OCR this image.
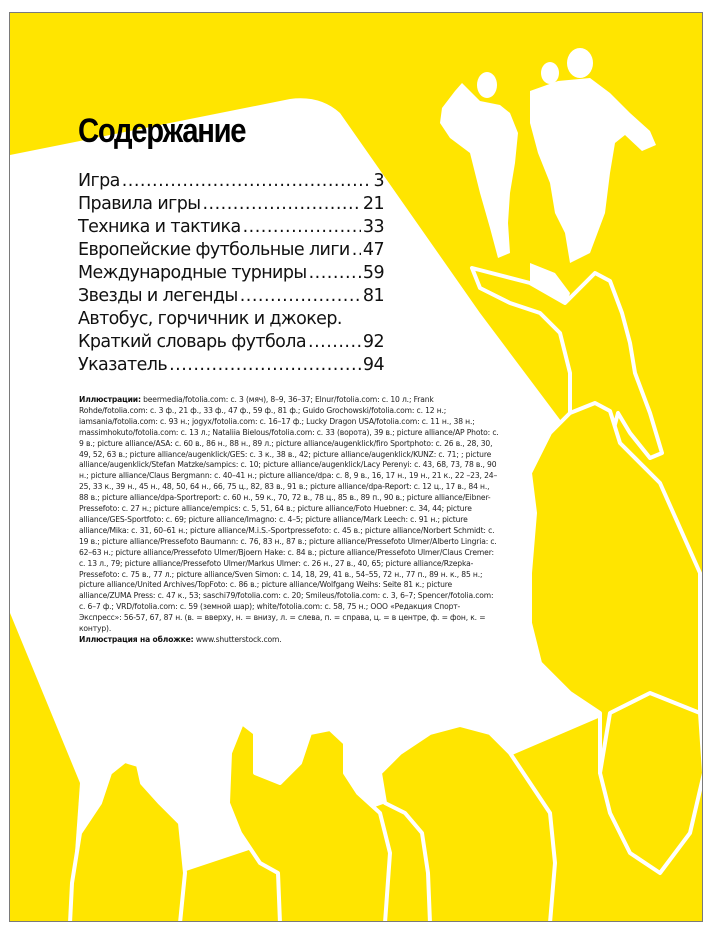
Содержание
Игра .....	3
Правила игры .....	21
Техника и тактика .....	33
Европейские футбольные лиги ..... 47
Международные турниры .....	59
Звезды и легенды .....	81
Автобус, горчичник и джокер.
Краткий словарь футбола .....	92
Указатель .....	94

Иллюстрации: beermedia/fotolia.com: с. 3 (мяч), 8–9, 36–37; Elnur/fotolia.com: с. 10 л.; Frank Rohde/fotolia.com: с. 3 ф., 21 ф., 33 ф., 47 ф., 59 ф., 81 ф.; Guido Grochowski/fotolia.com: с. 12 н.; iamsania/fotolia.com: с. 93 н.; jogyx/fotolia.com: с. 16–17 ф.; Lucky Dragon USA/fotolia.com: с. 11 н., 38 н.; massimhokuto/fotolia.com: с. 13 л.; Nataliia Bielous/fotolia.com: с. 33 (ворота), 39 в.; picture alliance/AP Photo: с. 9 в.; picture alliance/ASA: с. 60 в., 86 н., 88 н., 89 л.; picture alliance/augenklick/firo Sportphoto: с. 26 в., 28, 30, 49, 52, 63 в.; picture alliance/augenklick/GES: с. 3 к., 38 в., 42; picture alliance/augenklick/KUNZ: с. 71; ; picture alliance/augenklick/Stefan Matzke/sampics: с. 10; picture alliance/augenklick/Lacy Perenyi: с. 43, 68, 73, 78 в., 90 н.; picture alliance/Claus Bergmann: с. 40–41 н.; picture alliance/dpa: с. 8, 9 в., 16, 17 н., 19 н., 21 к., 22 –23, 24–25, 33 к., 39 н., 45 н., 48, 50, 64 н., 66, 75 ц., 82, 83 в., 91 в.; picture alliance/dpa-Report: с. 12 ц., 17 в., 84 н., 88 в.; picture alliance/dpa-Sportreport: с. 60 н., 59 к., 70, 72 в., 78 ц., 85 в., 89 п., 90 в.; picture alliance/Eibner-Pressefoto: с. 27 н.; picture alliance/empics: с. 5, 51, 64 в.; picture alliance/Foto Huebner: с. 34, 44; picture alliance/GES-Sportfoto: с. 69; picture alliance/Imagno: с. 4–5; picture alliance/Mark Leech: с. 91 н.; picture alliance/Mika: с. 31, 60–61 н.; picture alliance/M.i.S.-Sportpressefoto: с. 45 в.; picture alliance/Norbert Schmidt: с. 19 в.; picture alliance/Pressefoto Baumann: с. 76, 83 н., 87 в.; picture alliance/Pressefoto Ulmer/Alberto Lingria: с. 62–63 н.; picture alliance/Pressefoto Ulmer/Bjoern Hake: с. 84 в.; picture alliance/Pressefoto Ulmer/Claus Cremer: с. 13 л., 79; picture alliance/Pressefoto Ulmer/Markus Ulmer: с. 26 н., 27 в., 40, 65; picture alliance/Rzepka-Pressefoto: с. 75 в., 77 л.; picture alliance/Sven Simon: с. 14, 18, 29, 41 в., 54–55, 72 н., 77 п., 89 н. к., 85 н.; picture alliance/United Archives/TopFoto: с. 86 в.; picture alliance/Wolfgang Weihs: Seite 81 к.; picture alliance/ZUMA Press: с. 47 к., 53; saschi79/fotolia.com: с. 20; Smileus/fotolia.com: с. 3, 6–7; Spencer/fotolia.com: с. 6–7 ф.; VRD/fotolia.com: с. 59 (земной шар); white/fotolia.com: с. 58, 75 н.; ООО «Редакция Спорт-Экспресс»: 56-57, 67, 87 н. (в. = вверху, н. = внизу, л. = слева, п. = справа, ц. = в центре, ф. = фон, к. = контур).

Иллюстрация на обложке: www.shutterstock.com.
